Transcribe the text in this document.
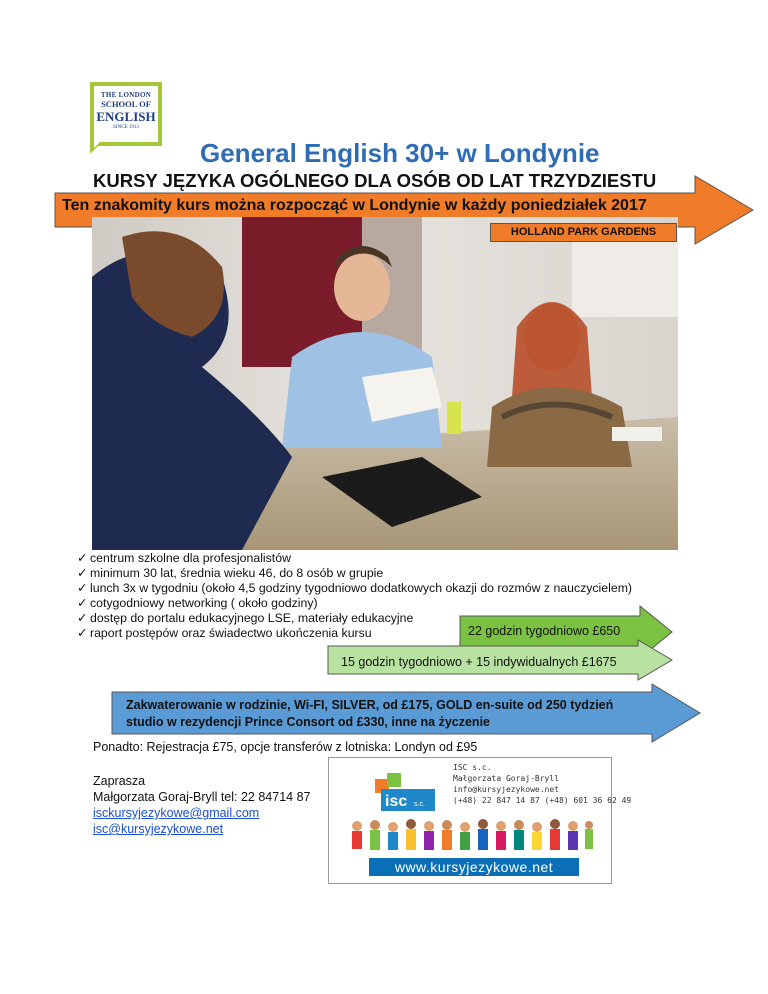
THE LONDON
SCHOOL OF
ENGLISH
SINCE 1913
General English 30+ w Londynie
KURSY JĘZYKA OGÓLNEGO DLA OSÓB OD LAT TRZYDZIESTU
Ten znakomity kurs można rozpocząć w Londynie w każdy poniedziałek 2017
HOLLAND PARK GARDENS
✓ centrum szkolne dla profesjonalistów
✓ minimum 30 lat, średnia wieku 46, do 8 osób w grupie
✓ lunch 3x w tygodniu (około 4,5 godziny tygodniowo dodatkowych okazji do rozmów z nauczycielem)
✓ cotygodniowy networking ( około godziny)
✓ dostęp do portalu edukacyjnego LSE, materiały edukacyjne
✓ raport postępów oraz świadectwo ukończenia kursu	22 godzin tygodniowo £650
15 godzin tygodniowo + 15 indywidualnych £1675
Zakwaterowanie w rodzinie, Wi-FI, SILVER, od £175, GOLD en-suite od 250 tydzień
studio w rezydencji Prince Consort od £330, inne na życzenie
Ponadto: Rejestracja £75, opcje transferów z lotniska: Londyn od £95
Zaprasza
Małgorzata Goraj-Bryll tel: 22 84714 87
isckursyjezykowe@gmail.com
isc@kursyjezykowe.net
isc s.c.
ISC s.c.
Małgorzata Goraj-Bryll
info@kursyjezykowe.net
(+48) 22 847 14 87 (+48) 601 36 62 49
www.kursyjezykowe.net
